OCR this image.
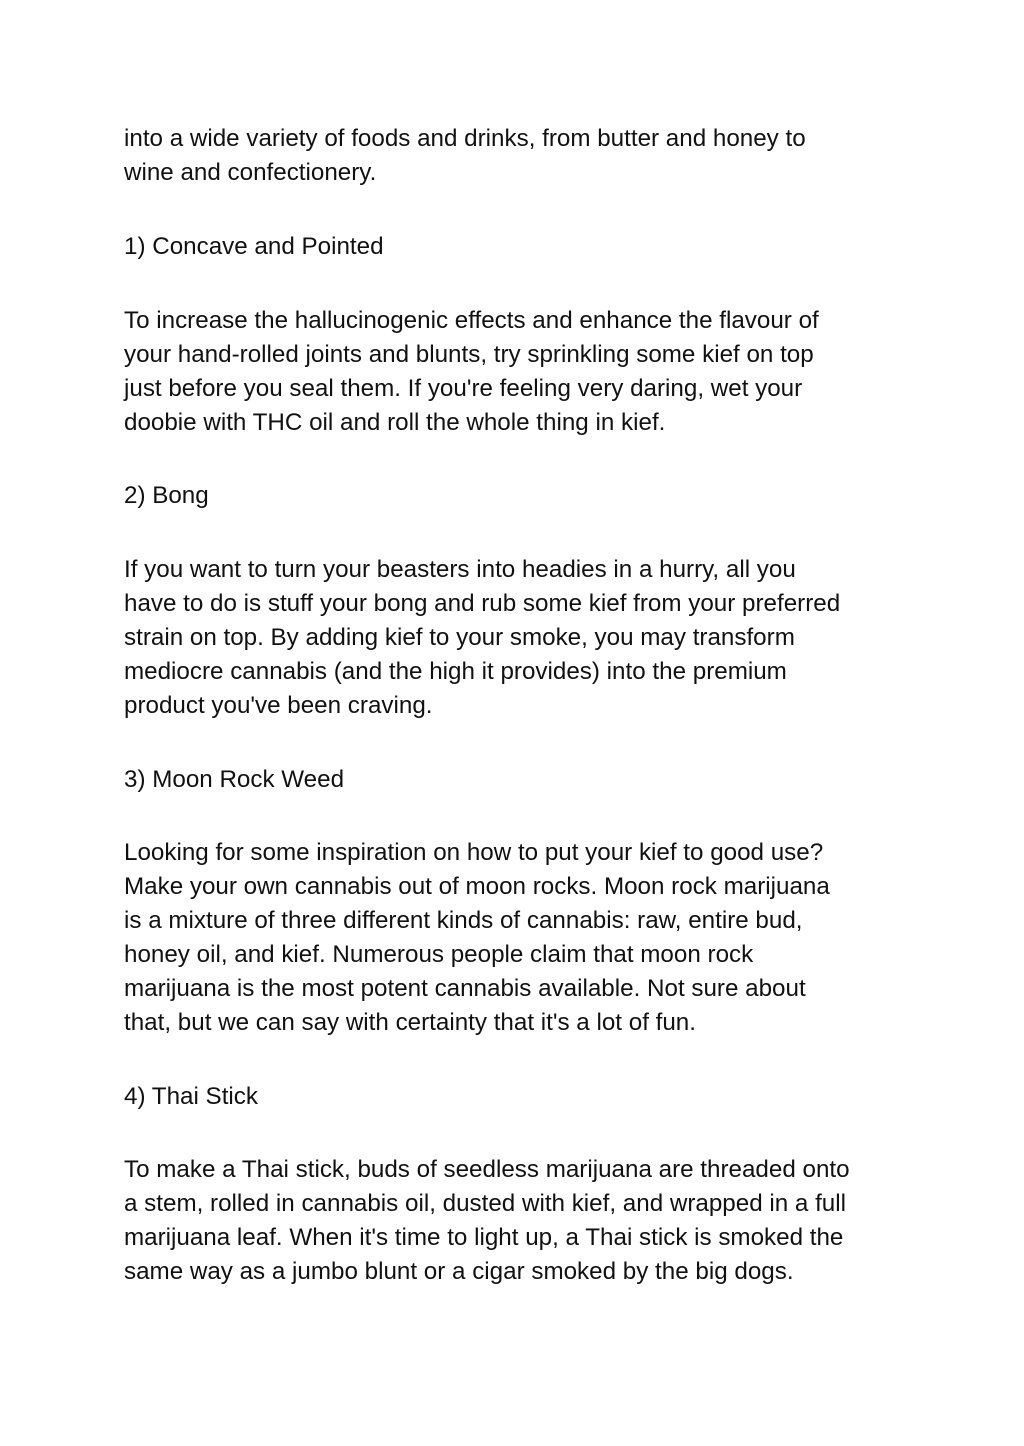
into a wide variety of foods and drinks, from butter and honey to
wine and confectionery.
1) Concave and Pointed
To increase the hallucinogenic effects and enhance the flavour of
your hand-rolled joints and blunts, try sprinkling some kief on top
just before you seal them. If you're feeling very daring, wet your
doobie with THC oil and roll the whole thing in kief.
2) Bong
If you want to turn your beasters into headies in a hurry, all you
have to do is stuff your bong and rub some kief from your preferred
strain on top. By adding kief to your smoke, you may transform
mediocre cannabis (and the high it provides) into the premium
product you've been craving.
3) Moon Rock Weed
Looking for some inspiration on how to put your kief to good use?
Make your own cannabis out of moon rocks. Moon rock marijuana
is a mixture of three different kinds of cannabis: raw, entire bud,
honey oil, and kief. Numerous people claim that moon rock
marijuana is the most potent cannabis available. Not sure about
that, but we can say with certainty that it's a lot of fun.
4) Thai Stick
To make a Thai stick, buds of seedless marijuana are threaded onto
a stem, rolled in cannabis oil, dusted with kief, and wrapped in a full
marijuana leaf. When it's time to light up, a Thai stick is smoked the
same way as a jumbo blunt or a cigar smoked by the big dogs.
